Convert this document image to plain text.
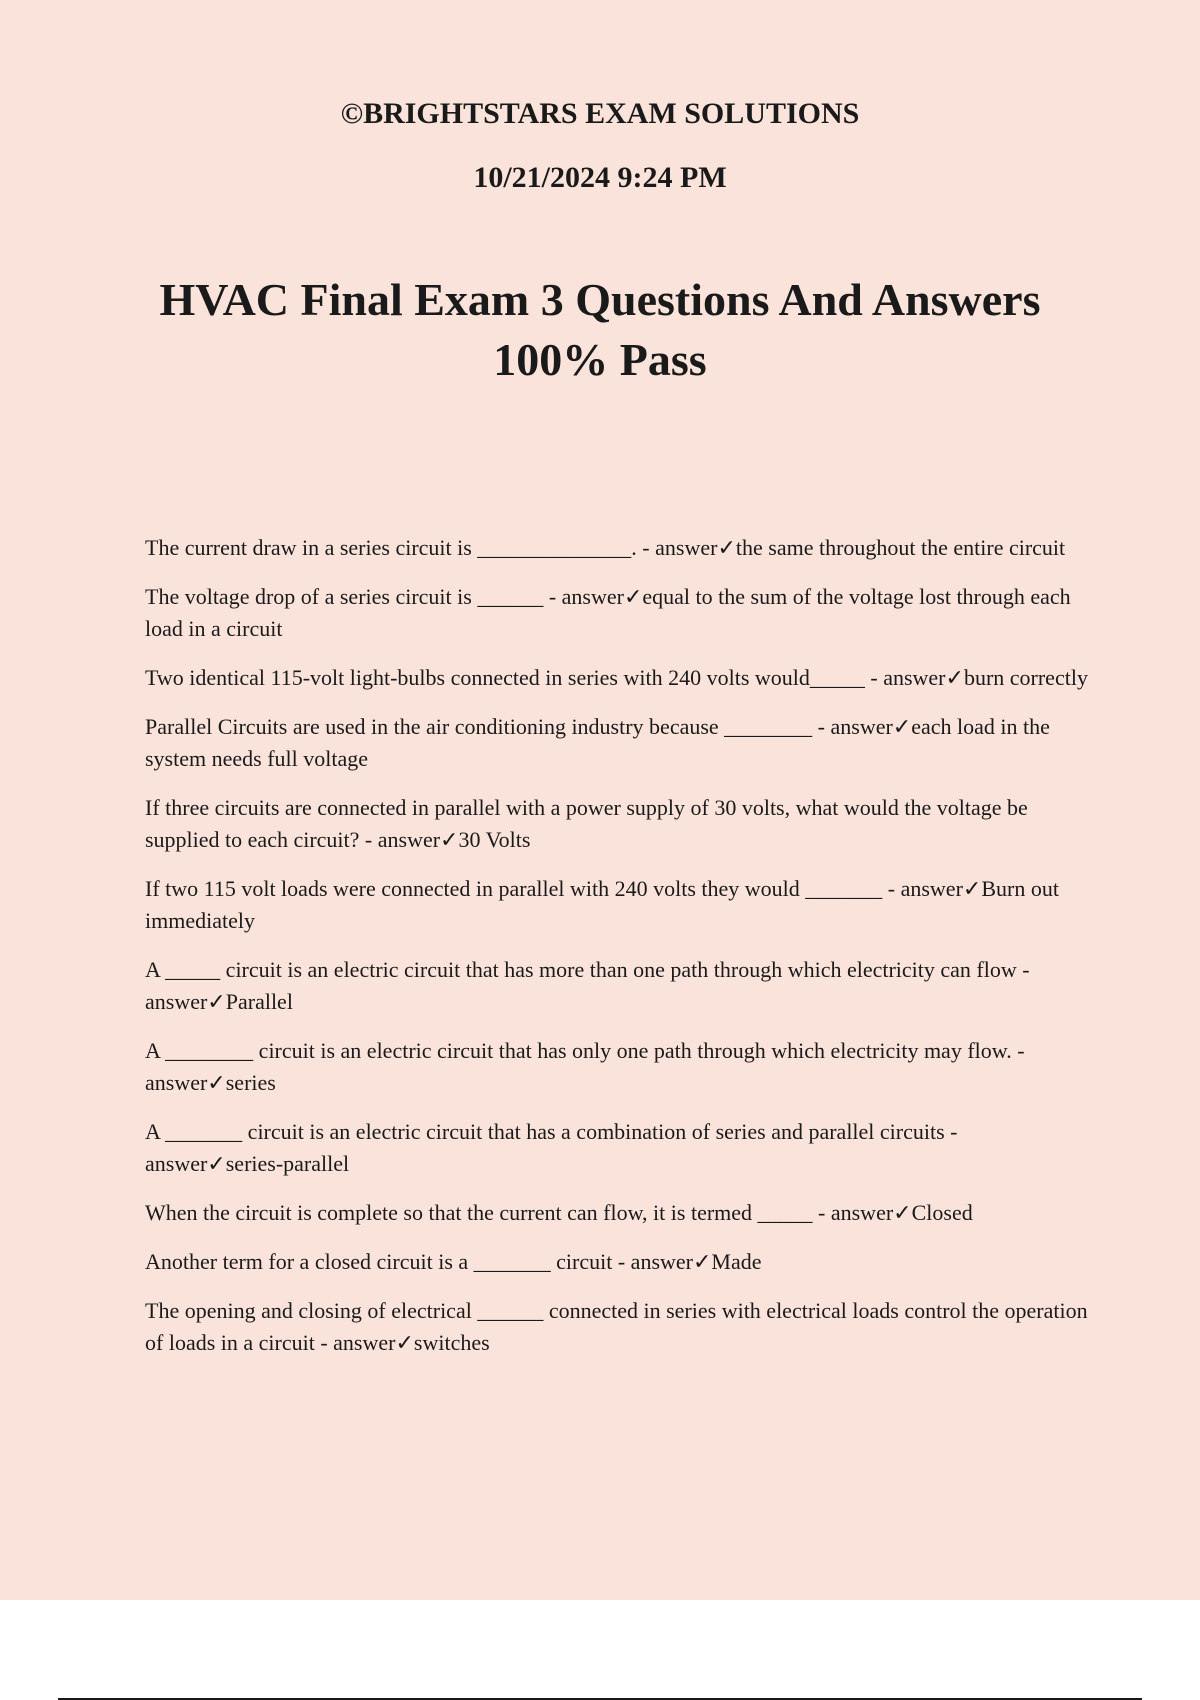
©BRIGHTSTARS EXAM SOLUTIONS

10/21/2024 9:24 PM

HVAC Final Exam 3 Questions And Answers 100% Pass
The current draw in a series circuit is ______________. - answer✓the same throughout the entire circuit
The voltage drop of a series circuit is ______ - answer✓equal to the sum of the voltage lost through each load in a circuit
Two identical 115-volt light-bulbs connected in series with 240 volts would_____ - answer✓burn correctly
Parallel Circuits are used in the air conditioning industry because ________ - answer✓each load in the system needs full voltage
If three circuits are connected in parallel with a power supply of 30 volts, what would the voltage be supplied to each circuit? - answer✓30 Volts
If two 115 volt loads were connected in parallel with 240 volts they would _______ - answer✓Burn out immediately
A _____ circuit is an electric circuit that has more than one path through which electricity can flow - answer✓Parallel
A ________ circuit is an electric circuit that has only one path through which electricity may flow. - answer✓series
A _______ circuit is an electric circuit that has a combination of series and parallel circuits - answer✓series-parallel
When the circuit is complete so that the current can flow, it is termed _____ - answer✓Closed
Another term for a closed circuit is a _______ circuit - answer✓Made
The opening and closing of electrical ______ connected in series with electrical loads control the operation of loads in a circuit - answer✓switches
